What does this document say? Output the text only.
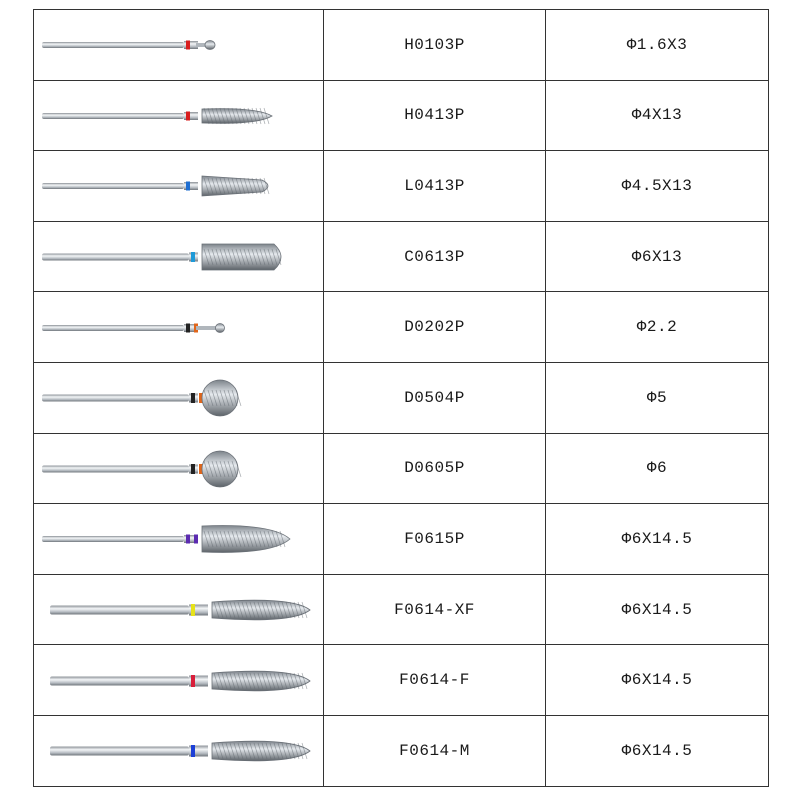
	H0103P	Φ1.6X3

	H0413P	Φ4X13

	L0413P	Φ4.5X13

	C0613P	Φ6X13

	D0202P	Φ2.2

	D0504P	Φ5

	D0605P	Φ6

	F0615P	Φ6X14.5

	F0614-XF	Φ6X14.5

	F0614-F	Φ6X14.5

	F0614-M	Φ6X14.5
